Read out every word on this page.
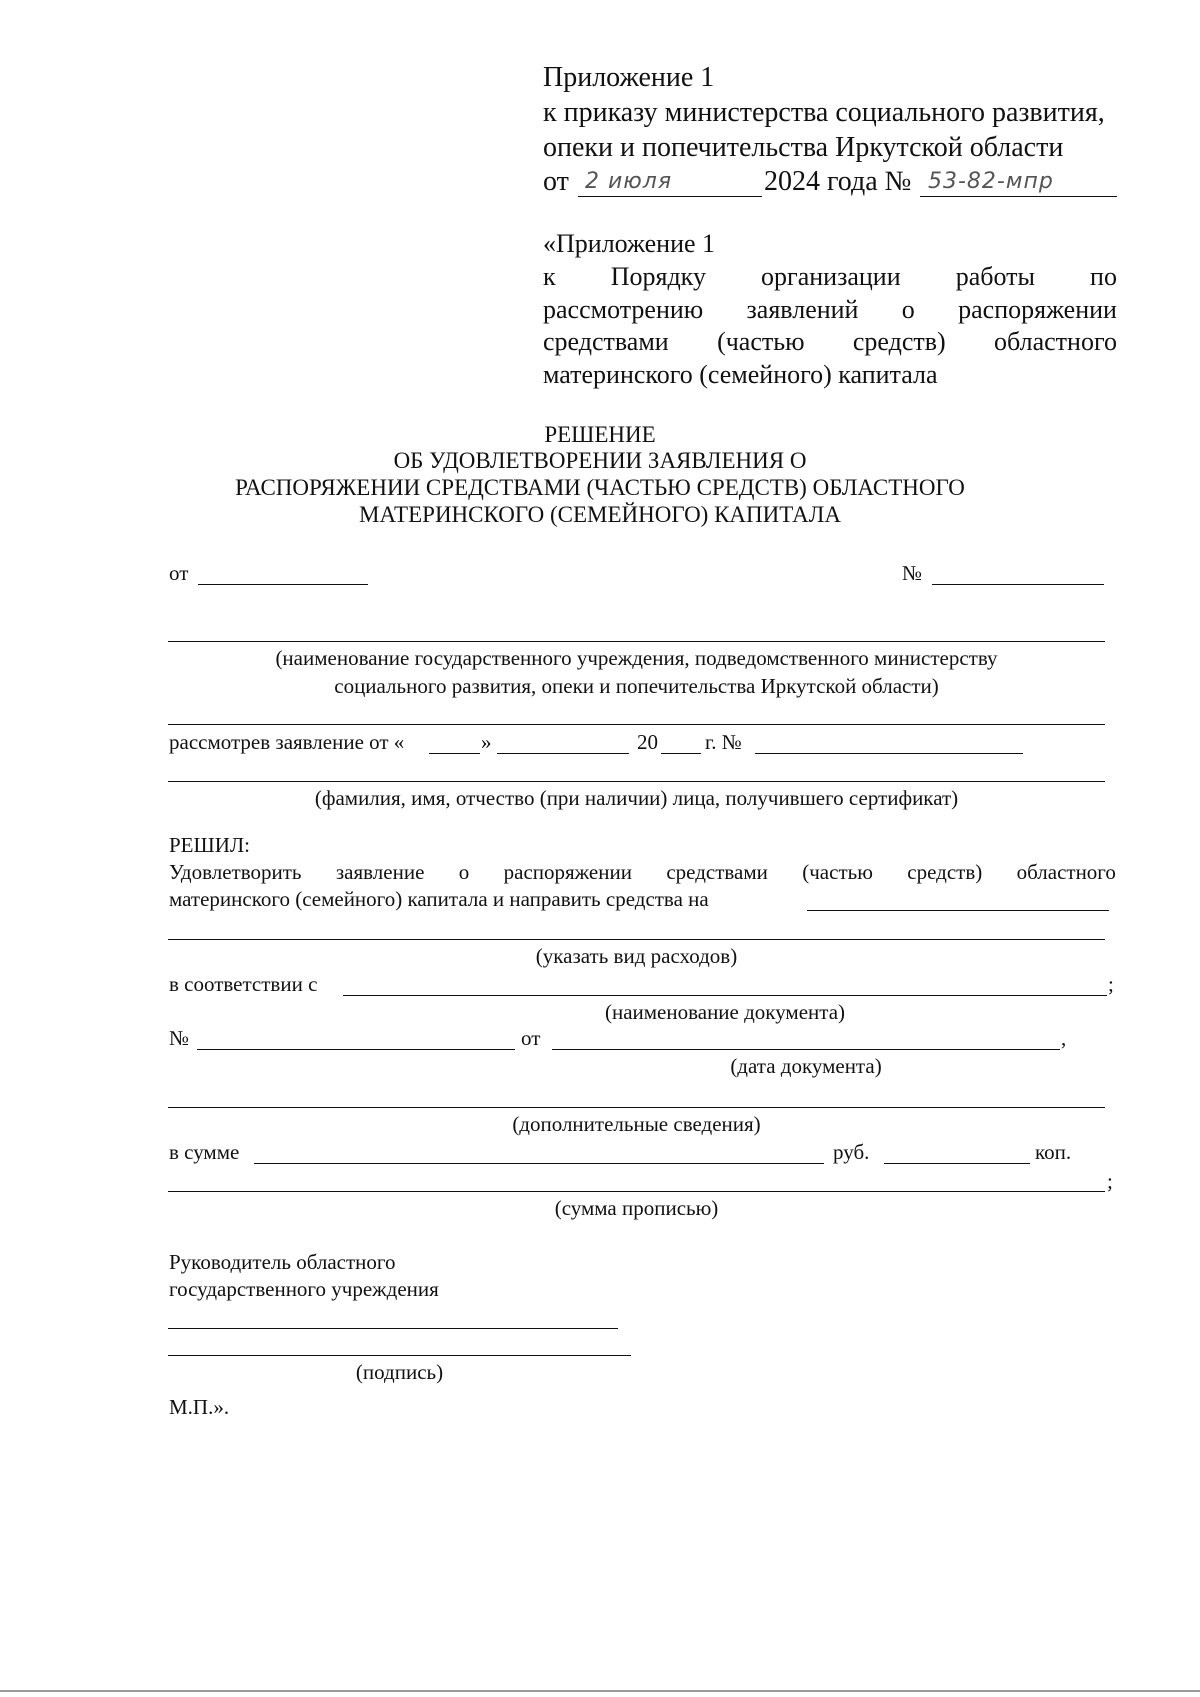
Приложение 1
к приказу министерства социального развития,
опеки и попечительства Иркутской области
от 2 июля	2024 года № 53-82-мпр
«Приложение 1
к Порядку организации работы по
рассмотрению заявлений о распоряжении
средствами (частью средств) областного
материнского (семейного) капитала
РЕШЕНИЕ
ОБ УДОВЛЕТВОРЕНИИ ЗАЯВЛЕНИЯ О
РАСПОРЯЖЕНИИ СРЕДСТВАМИ (ЧАСТЬЮ СРЕДСТВ) ОБЛАСТНОГО
МАТЕРИНСКОГО (СЕМЕЙНОГО) КАПИТАЛА
от	№
(наименование государственного учреждения, подведомственного министерству
социального развития, опеки и попечительства Иркутской области)
рассмотрев заявление от «	»	20 г. №
(фамилия, имя, отчество (при наличии) лица, получившего сертификат)
РЕШИЛ:
Удовлетворить заявление о распоряжении средствами (частью средств) областного
материнского (семейного) капитала и направить средства на
(указать вид расходов)
в соответствии с	;
(наименование документа)
№	от	,
(дата документа)
(дополнительные сведения)
в сумме	руб.	коп.
;
(сумма прописью)
Руководитель областного
государственного учреждения
(подпись)
М.П.».
